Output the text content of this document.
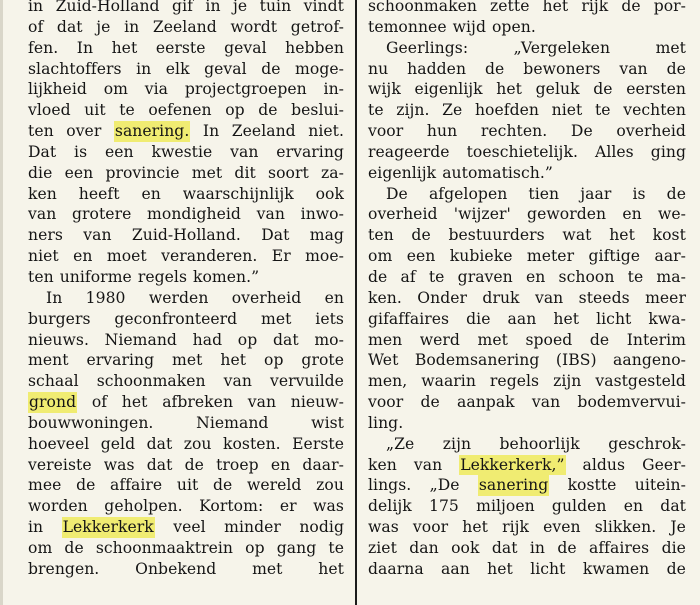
in Zuid-Holland gif in je tuin vindt
of dat je in Zeeland wordt getrof-
fen. In het eerste geval hebben
slachtoffers in elk geval de moge-
lijkheid om via projectgroepen in-
vloed uit te oefenen op de beslui-
ten over sanering. In Zeeland niet.
Dat is een kwestie van ervaring
die een provincie met dit soort za-
ken heeft en waarschijnlijk ook
van grotere mondigheid van inwo-
ners van Zuid-Holland. Dat mag
niet en moet veranderen. Er moe-
ten uniforme regels komen.”
In 1980 werden overheid en
burgers geconfronteerd met iets
nieuws. Niemand had op dat mo-
ment ervaring met het op grote
schaal schoonmaken van vervuilde
grond of het afbreken van nieuw-
bouwwoningen.	Niemand	wist
hoeveel geld dat zou kosten. Eerste
vereiste was dat de troep en daar-
mee de affaire uit de wereld zou
worden geholpen. Kortom: er was
in Lekkerkerk veel minder nodig
om de schoonmaaktrein op gang te
brengen. Onbekend met het
schoonmaken zette het rijk de por-
temonnee wijd open.
Geerlings:	„Vergeleken	met
nu hadden de bewoners van de
wijk eigenlijk het geluk de eersten
te zijn. Ze hoefden niet te vechten
voor hun rechten. De overheid
reageerde toeschietelijk. Alles ging
eigenlijk automatisch.”
De afgelopen tien jaar is de
overheid 'wijzer' geworden en we-
ten de bestuurders wat het kost
om een kubieke meter giftige aar-
de af te graven en schoon te ma-
ken. Onder druk van steeds meer
gifaffaires die aan het licht kwa-
men werd met spoed de Interim
Wet Bodemsanering (IBS) aangeno-
men, waarin regels zijn vastgesteld
voor de aanpak van bodemvervui-
ling.
„Ze zijn behoorlijk geschrok-
ken van Lekkerkerk,” aldus Geer-
lings. „De sanering kostte uitein-
delijk 175 miljoen gulden en dat
was voor het rijk even slikken. Je
ziet dan ook dat in de affaires die
daarna aan het licht kwamen de
